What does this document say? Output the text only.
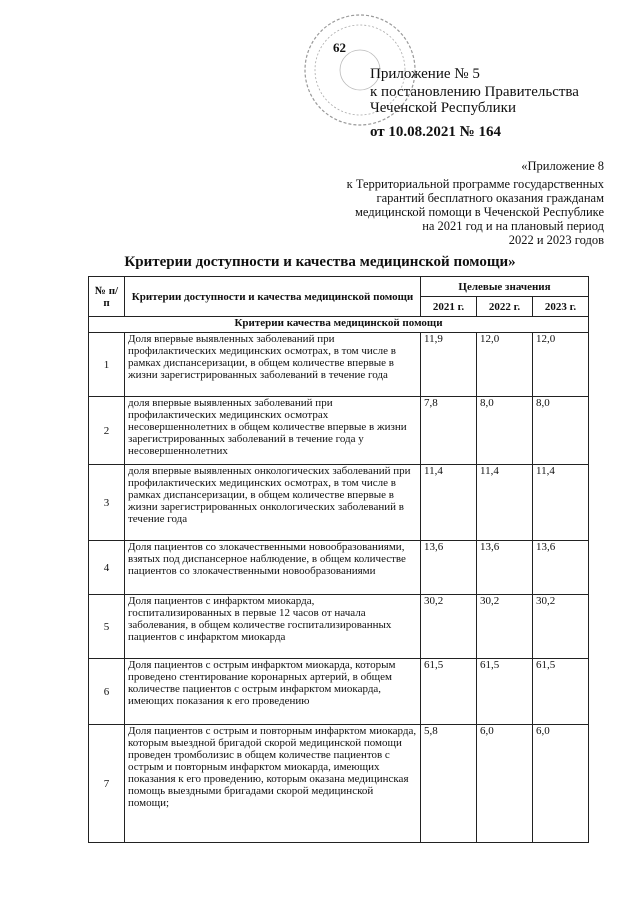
62
Приложение № 5
к постановлению Правительства
Чеченской Республики
от 10.08.2021 № 164
«Приложение 8
к Территориальной программе государственных
гарантий бесплатного оказания гражданам
медицинской помощи в Чеченской Республике
на 2021 год и на плановый период
2022 и 2023 годов
Критерии доступности и качества медицинской помощи»
№ п/п	Критерии доступности и качества медицинской помощи	Целевые значения		
		2021 г.	2022 г.	2023 г.
Критерии качества медицинской помощи				
1	Доля впервые выявленных заболеваний при профилактических медицинских осмотрах, в том числе в рамках диспансеризации, в общем количестве впервые в жизни зарегистрированных заболеваний в течение года	11,9	12,0	12,0
2	доля впервые выявленных заболеваний при профилактических медицинских осмотрах несовершеннолетних в общем количестве впервые в жизни зарегистрированных заболеваний в течение года у несовершеннолетних	7,8	8,0	8,0
3	доля впервые выявленных онкологических заболеваний при профилактических медицинских осмотрах, в том числе в рамках диспансеризации, в общем количестве впервые в жизни зарегистрированных онкологических заболеваний в течение года	11,4	11,4	11,4
4	Доля пациентов со злокачественными новообразованиями, взятых под диспансерное наблюдение, в общем количестве пациентов со злокачественными новообразованиями	13,6	13,6	13,6
5	Доля пациентов с инфарктом миокарда, госпитализированных в первые 12 часов от начала заболевания, в общем количестве госпитализированных пациентов с инфарктом миокарда	30,2	30,2	30,2
6	Доля пациентов с острым инфарктом миокарда, которым проведено стентирование коронарных артерий, в общем количестве пациентов с острым инфарктом миокарда, имеющих показания к его проведению	61,5	61,5	61,5
7	Доля пациентов с острым и повторным инфарктом миокарда, которым выездной бригадой скорой медицинской помощи проведен тромболизис в общем количестве пациентов с острым и повторным инфарктом миокарда, имеющих показания к его проведению, которым оказана медицинская помощь выездными бригадами скорой медицинской помощи;	5,8	6,0	6,0
